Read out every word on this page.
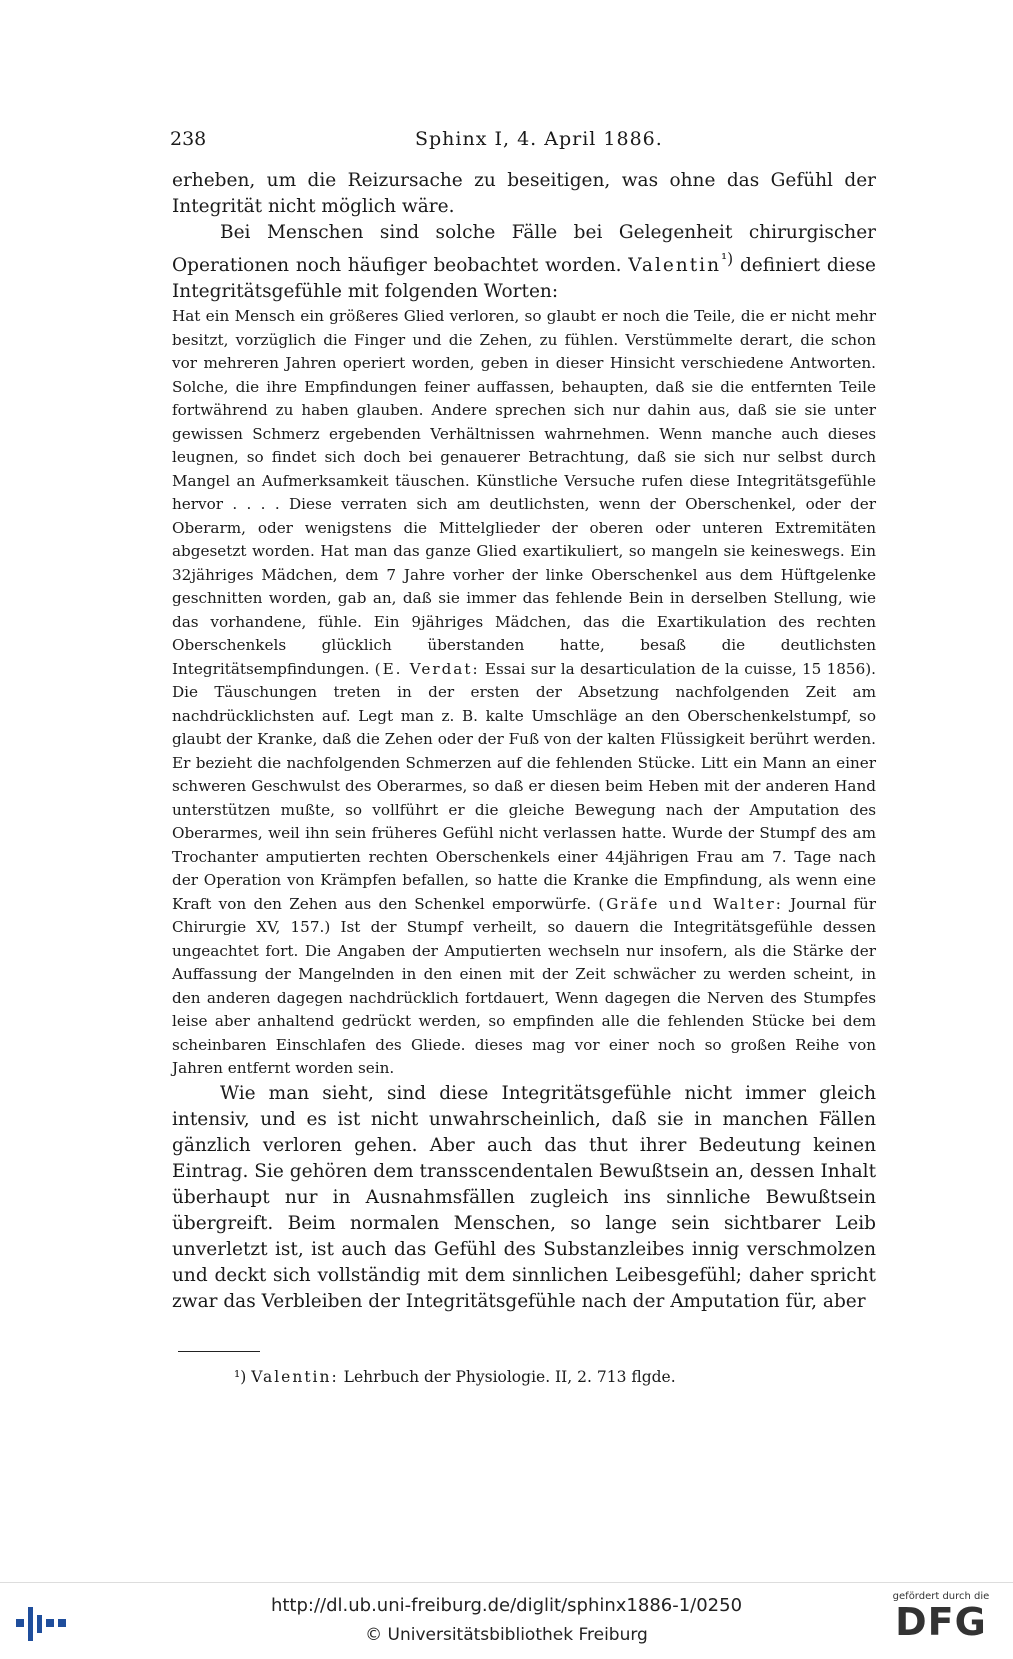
238	Sphinx I, 4. April 1886.

erheben, um die Reizursache zu beseitigen, was ohne das Gefühl der Integrität nicht möglich wäre.

Bei Menschen sind solche Fälle bei Gelegenheit chirurgischer Operationen noch häufiger beobachtet worden. Valentin$^{^1)}$ definiert diese Integritätsgefühle mit folgenden Worten:

Hat ein Mensch ein größeres Glied verloren, so glaubt er noch die Teile, die er nicht mehr besitzt, vorzüglich die Finger und die Zehen, zu fühlen. Verstümmelte derart, die schon vor mehreren Jahren operiert worden, geben in dieser Hinsicht verschiedene Antworten. Solche, die ihre Empfindungen feiner auffassen, behaupten, daß sie die entfernten Teile fortwährend zu haben glauben. Andere sprechen sich nur dahin aus, daß sie sie unter gewissen Schmerz ergebenden Verhältnissen wahrnehmen. Wenn manche auch dieses leugnen, so findet sich doch bei genauerer Betrachtung, daß sie sich nur selbst durch Mangel an Aufmerksamkeit täuschen. Künstliche Versuche rufen diese Integritätsgefühle hervor . . . . Diese verraten sich am deutlichsten, wenn der Oberschenkel, oder der Oberarm, oder wenigstens die Mittelglieder der oberen oder unteren Extremitäten abgesetzt worden. Hat man das ganze Glied exartikuliert, so mangeln sie keineswegs. Ein 32jähriges Mädchen, dem 7 Jahre vorher der linke Oberschenkel aus dem Hüftgelenke geschnitten worden, gab an, daß sie immer das fehlende Bein in derselben Stellung, wie das vorhandene, fühle. Ein 9jähriges Mädchen, das die Exartikulation des rechten Oberschenkels glücklich überstanden hatte, besaß die deutlichsten Integritätsempfindungen. (E. Verdat: Essai sur la desarticulation de la cuisse, 15 1856). Die Täuschungen treten in der ersten der Absetzung nachfolgenden Zeit am nachdrücklichsten auf. Legt man z. B. kalte Umschläge an den Oberschenkelstumpf, so glaubt der Kranke, daß die Zehen oder der Fuß von der kalten Flüssigkeit berührt werden. Er bezieht die nachfolgenden Schmerzen auf die fehlenden Stücke. Litt ein Mann an einer schweren Geschwulst des Oberarmes, so daß er diesen beim Heben mit der anderen Hand unterstützen mußte, so vollführt er die gleiche Bewegung nach der Amputation des Oberarmes, weil ihn sein früheres Gefühl nicht verlassen hatte. Wurde der Stumpf des am Trochanter amputierten rechten Oberschenkels einer 44jährigen Frau am 7. Tage nach der Operation von Krämpfen befallen, so hatte die Kranke die Empfindung, als wenn eine Kraft von den Zehen aus den Schenkel emporwürfe. (Gräfe und Walter: Journal für Chirurgie XV, 157.) Ist der Stumpf verheilt, so dauern die Integritätsgefühle dessen ungeachtet fort. Die Angaben der Amputierten wechseln nur insofern, als die Stärke der Auffassung der Mangelnden in den einen mit der Zeit schwächer zu werden scheint, in den anderen dagegen nachdrücklich fortdauert, Wenn dagegen die Nerven des Stumpfes leise aber anhaltend gedrückt werden, so empfinden alle die fehlenden Stücke bei dem scheinbaren Einschlafen des Gliede. dieses mag vor einer noch so großen Reihe von Jahren entfernt worden sein.

Wie man sieht, sind diese Integritätsgefühle nicht immer gleich intensiv, und es ist nicht unwahrscheinlich, daß sie in manchen Fällen gänzlich verloren gehen. Aber auch das thut ihrer Bedeutung keinen Eintrag. Sie gehören dem transscendentalen Bewußtsein an, dessen Inhalt überhaupt nur in Ausnahmsfällen zugleich ins sinnliche Bewußtsein übergreift. Beim normalen Menschen, so lange sein sichtbarer Leib unverletzt ist, ist auch das Gefühl des Substanzleibes innig verschmolzen und deckt sich vollständig mit dem sinnlichen Leibesgefühl; daher spricht zwar das Verbleiben der Integritätsgefühle nach der Amputation für, aber

¹) Valentin: Lehrbuch der Physiologie. II, 2. 713 flgde.
http://dl.ub.uni-freiburg.de/diglit/sphinx1886-1/0250
© Universitätsbibliothek Freiburg
gefördert durch die
DFG
